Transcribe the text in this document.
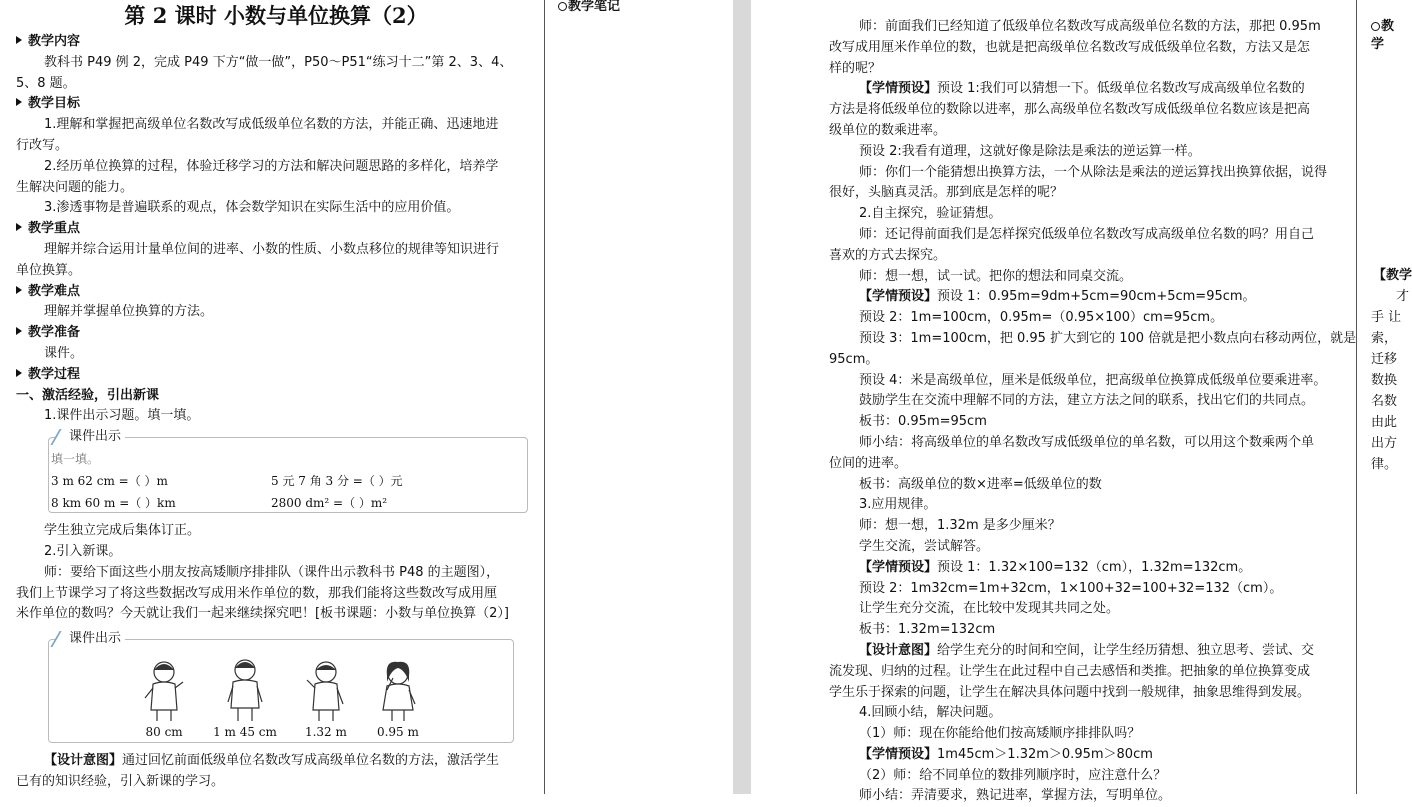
教学笔记
第 2 课时 小数与单位换算（2）
教学内容
教科书 P49 例 2，完成 P49 下方“做一做”，P50～P51“练习十二”第 2、3、4、
5、8 题。
教学目标
1.理解和掌握把高级单位名数改写成低级单位名数的方法，并能正确、迅速地进
行改写。
2.经历单位换算的过程，体验迁移学习的方法和解决问题思路的多样化，培养学
生解决问题的能力。
3.渗透事物是普遍联系的观点，体会数学知识在实际生活中的应用价值。
教学重点
理解并综合运用计量单位间的进率、小数的性质、小数点移位的规律等知识进行
单位换算。
教学难点
理解并掌握单位换算的方法。
教学准备
课件。
教学过程
一、激活经验，引出新课
1.课件出示习题。填一填。
课件出示
填一填。
3 m 62 cm =（ ）m	5 元 7 角 3 分 =（ ）元
8 km 60 m =（ ）km	2800 dm² =（ ）m²
学生独立完成后集体订正。
2.引入新课。
师：要给下面这些小朋友按高矮顺序排排队（课件出示教科书 P48 的主题图），
我们上节课学习了将这些数据改写成用米作单位的数，那我们能将这些数改写成用厘
米作单位的数吗？今天就让我们一起来继续探究吧！[板书课题：小数与单位换算（2）]
课件出示
80 cm	1 m 45 cm 1.32 m	0.95 m
【设计意图】通过回忆前面低级单位名数改写成高级单位名数的方法，激活学生
已有的知识经验，引入新课的学习。
师：前面我们已经知道了低级单位名数改写成高级单位名数的方法，那把 0.95m
改写成用厘米作单位的数，也就是把高级单位名数改写成低级单位名数，方法又是怎
样的呢？
【学情预设】预设 1:我们可以猜想一下。低级单位名数改写成高级单位名数的
方法是将低级单位的数除以进率，那么高级单位名数改写成低级单位名数应该是把高
级单位的数乘进率。
预设 2:我看有道理，这就好像是除法是乘法的逆运算一样。
师：你们一个能猜想出换算方法，一个从除法是乘法的逆运算找出换算依据，说得
很好，头脑真灵活。那到底是怎样的呢？
2.自主探究，验证猜想。
师：还记得前面我们是怎样探究低级单位名数改写成高级单位名数的吗？用自己
喜欢的方式去探究。
师：想一想，试一试。把你的想法和同桌交流。
【学情预设】预设 1：0.95m=9dm+5cm=90cm+5cm=95cm。
预设 2：1m=100cm，0.95m=（0.95×100）cm=95cm。
预设 3：1m=100cm，把 0.95 扩大到它的 100 倍就是把小数点向右移动两位，就是
95cm。
预设 4：米是高级单位，厘米是低级单位，把高级单位换算成低级单位要乘进率。
鼓励学生在交流中理解不同的方法，建立方法之间的联系，找出它们的共同点。
板书：0.95m=95cm
师小结：将高级单位的单名数改写成低级单位的单名数，可以用这个数乘两个单
位间的进率。
板书：高级单位的数×进率=低级单位的数
3.应用规律。
师：想一想，1.32m 是多少厘米？
学生交流，尝试解答。
【学情预设】预设 1：1.32×100=132（cm），1.32m=132cm。
预设 2：1m32cm=1m+32cm，1×100+32=100+32=132（cm）。
让学生充分交流，在比较中发现其共同之处。
板书：1.32m=132cm
【设计意图】给学生充分的时间和空间，让学生经历猜想、独立思考、尝试、交
流发现、归纳的过程。让学生在此过程中自己去感悟和类推。把抽象的单位换算变成
学生乐于探索的问题，让学生在解决具体问题中找到一般规律，抽象思维得到发展。
4.回顾小结，解决问题。
（1）师：现在你能给他们按高矮顺序排排队吗？
【学情预设】1m45cm＞1.32m＞0.95m＞80cm
（2）师：给不同单位的数排列顺序时，应注意什么？
师小结：弄清要求，熟记进率，掌握方法，写明单位。
教学
【教学
才
手 让
索，
迁移
数换
名数
由此
出方
律。
